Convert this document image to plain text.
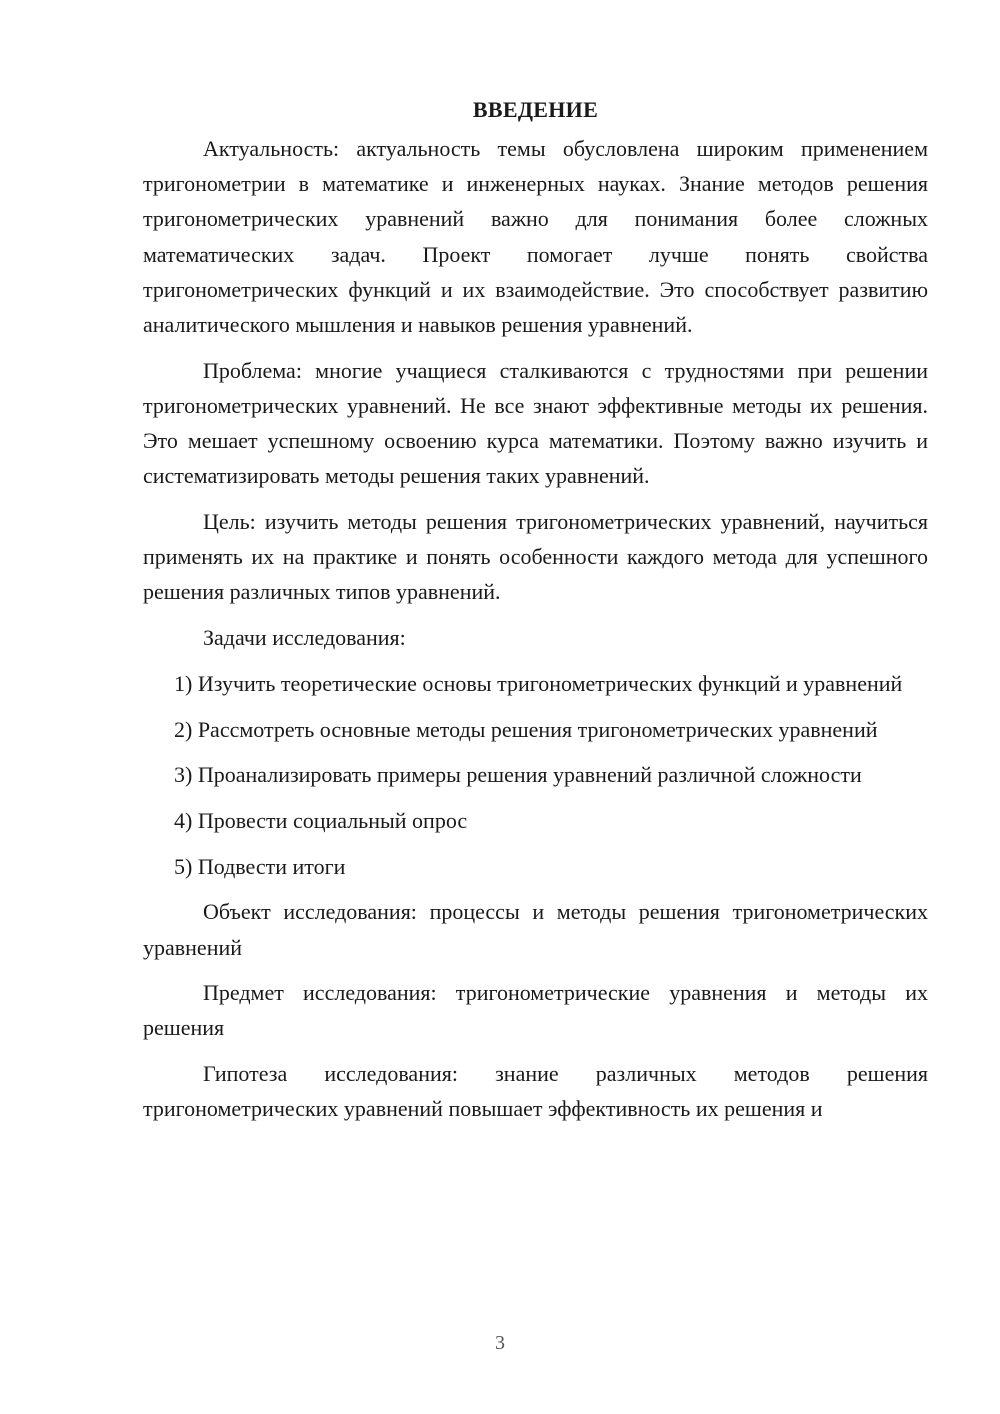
ВВЕДЕНИЕ

Актуальность: актуальность темы обусловлена широким применением тригонометрии в математике и инженерных науках. Знание методов решения тригонометрических уравнений важно для понимания более сложных математических задач. Проект помогает лучше понять свойства тригонометрических функций и их взаимодействие. Это способствует развитию аналитического мышления и навыков решения уравнений.

Проблема: многие учащиеся сталкиваются с трудностями при решении тригонометрических уравнений. Не все знают эффективные методы их решения. Это мешает успешному освоению курса математики. Поэтому важно изучить и систематизировать методы решения таких уравнений.

Цель: изучить методы решения тригонометрических уравнений, научиться применять их на практике и понять особенности каждого метода для успешного решения различных типов уравнений.

Задачи исследования:

1) Изучить теоретические основы тригонометрических функций и уравнений

2) Рассмотреть основные методы решения тригонометрических уравнений

3) Проанализировать примеры решения уравнений различной сложности

4) Провести социальный опрос

5) Подвести итоги

Объект исследования: процессы и методы решения тригонометрических уравнений

Предмет исследования: тригонометрические уравнения и методы их решения

Гипотеза исследования: знание различных методов решения тригонометрических уравнений повышает эффективность их решения и

3
